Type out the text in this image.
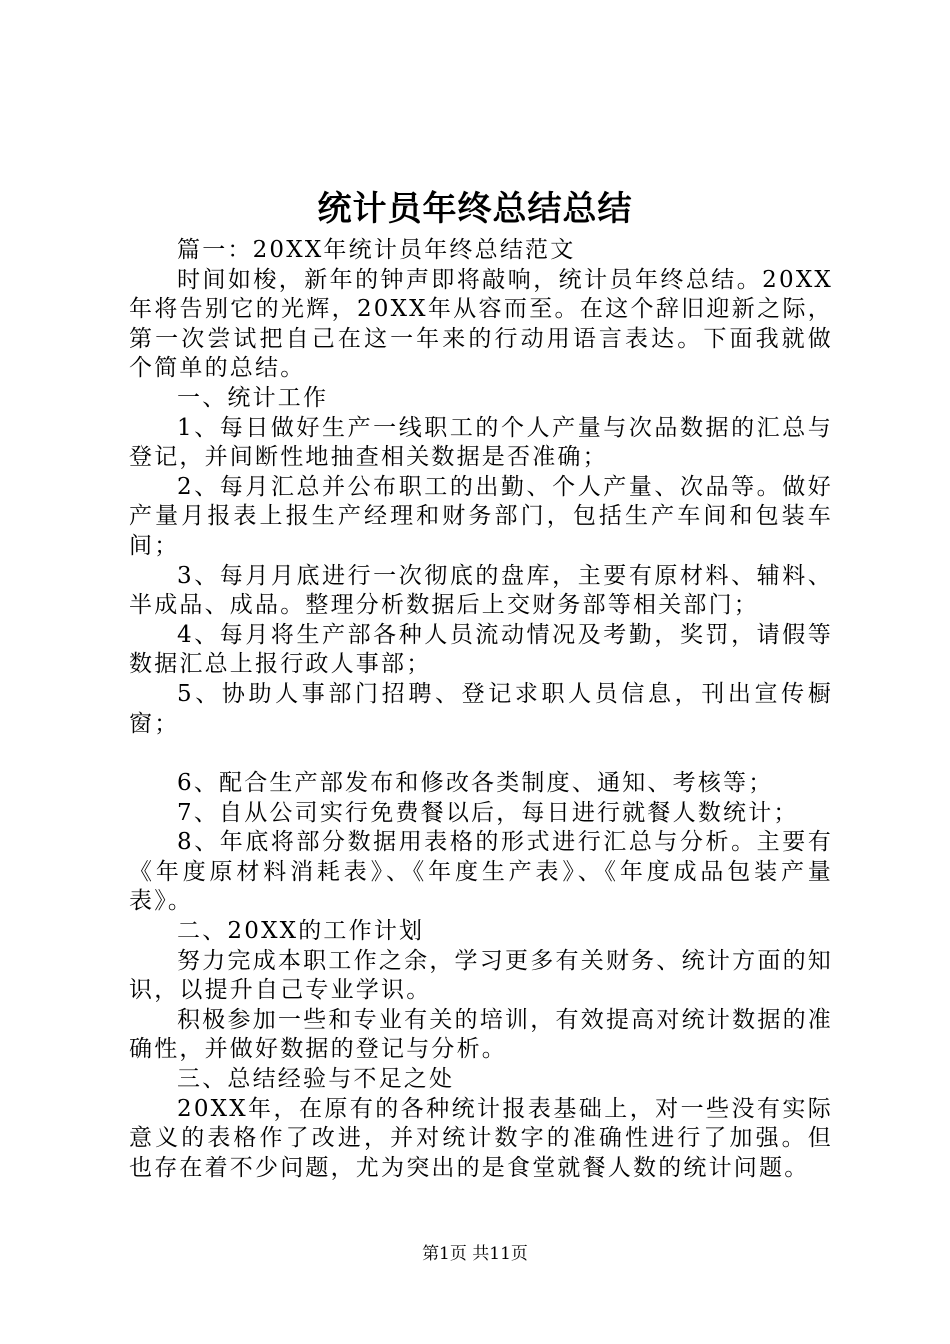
统计员年终总结总结

篇一：20XX年统计员年终总结范文

时间如梭，新年的钟声即将敲响，统计员年终总结。20XX年将告别它的光辉，20XX年从容而至。在这个辞旧迎新之际，第一次尝试把自己在这一年来的行动用语言表达。下面我就做个简单的总结。

一、统计工作

1、每日做好生产一线职工的个人产量与次品数据的汇总与登记，并间断性地抽查相关数据是否准确；

2、每月汇总并公布职工的出勤、个人产量、次品等。做好产量月报表上报生产经理和财务部门，包括生产车间和包装车间；

3、每月月底进行一次彻底的盘库，主要有原材料、辅料、半成品、成品。整理分析数据后上交财务部等相关部门；

4、每月将生产部各种人员流动情况及考勤，奖罚，请假等数据汇总上报行政人事部；

5、协助人事部门招聘、登记求职人员信息，刊出宣传橱窗；

6、配合生产部发布和修改各类制度、通知、考核等；

7、自从公司实行免费餐以后，每日进行就餐人数统计；

8、年底将部分数据用表格的形式进行汇总与分析。主要有《年度原材料消耗表》、《年度生产表》、《年度成品包装产量表》。

二、20XX的工作计划

努力完成本职工作之余，学习更多有关财务、统计方面的知识，以提升自己专业学识。

积极参加一些和专业有关的培训，有效提高对统计数据的准确性，并做好数据的登记与分析。

三、总结经验与不足之处

20XX年，在原有的各种统计报表基础上，对一些没有实际意义的表格作了改进，并对统计数字的准确性进行了加强。但也存在着不少问题，尤为突出的是食堂就餐人数的统计问题。

第1页 共11页
